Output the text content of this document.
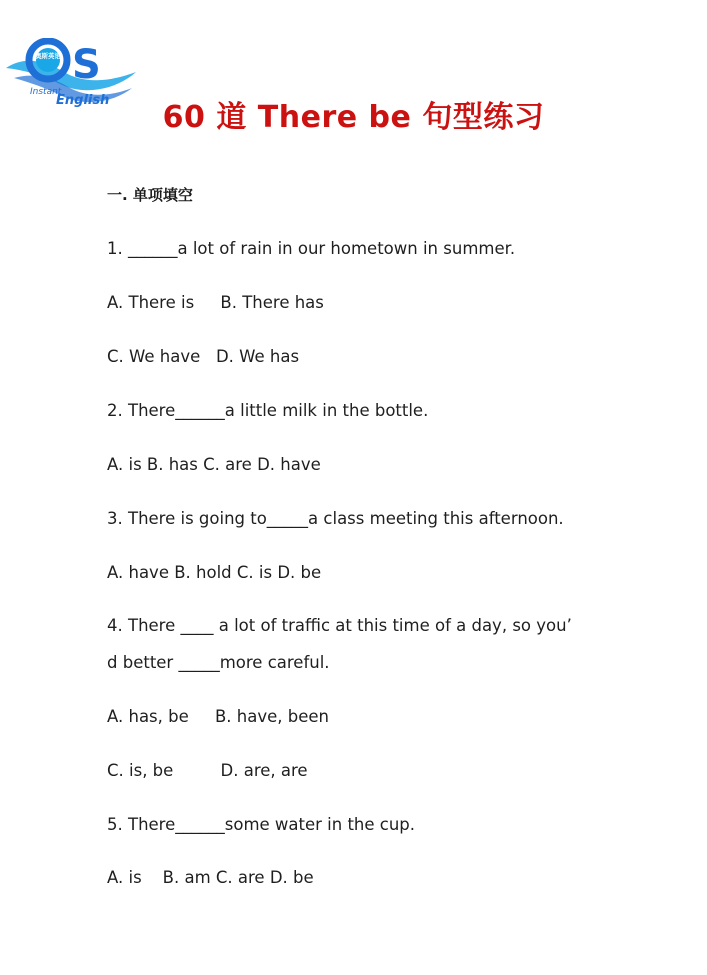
S
奥斯英语
Instant
English	60 道 There be 句型练习
一. 单项填空
1. ______a lot of rain in our hometown in summer.
A. There is     B. There has
C. We have   D. We has
2. There______a little milk in the bottle.
A. is B. has C. are D. have
3. There is going to_____a class meeting this afternoon.
A. have B. hold C. is D. be
4. There ____ a lot of traffic at this time of a day, so you’
d better _____more careful.
A. has, be     B. have, been
C. is, be         D. are, are
5. There______some water in the cup.
A. is    B. am C. are D. be
